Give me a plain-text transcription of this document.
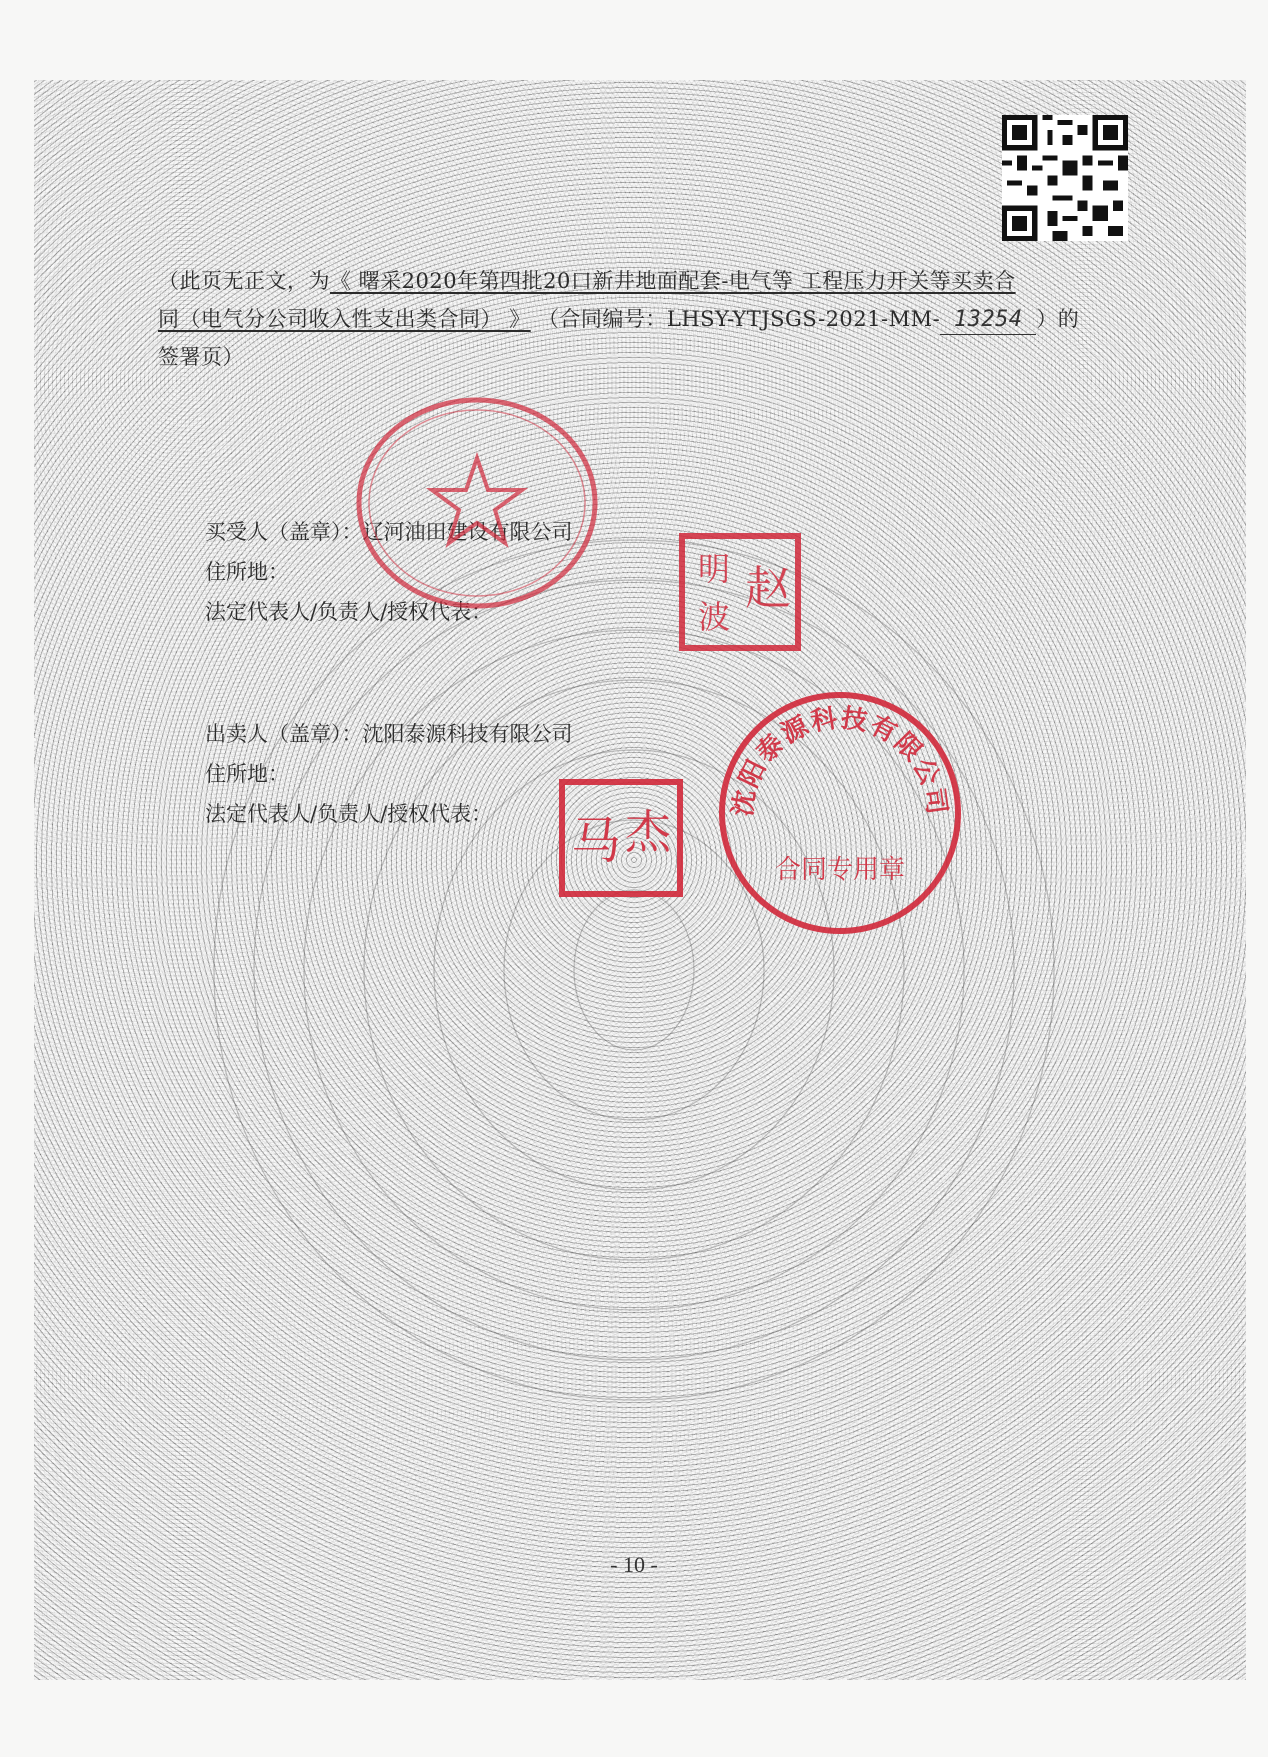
（此页无正文，为《 曙采2020年第四批20口新井地面配套-电气等 工程压力开关等买卖合
同（电气分公司收入性支出类合同） 》 （合同编号：LHSY-YTJSGS-2021-MM- 13254 ）的
签署页）
买受人（盖章）：辽河油田建设有限公司
住所地：
法定代表人/负责人/授权代表：
出卖人（盖章）：沈阳泰源科技有限公司
住所地：
法定代表人/负责人/授权代表：
明 赵
波
马 杰
沈阳泰源科技有限公司
合同专用章
- 10 -
